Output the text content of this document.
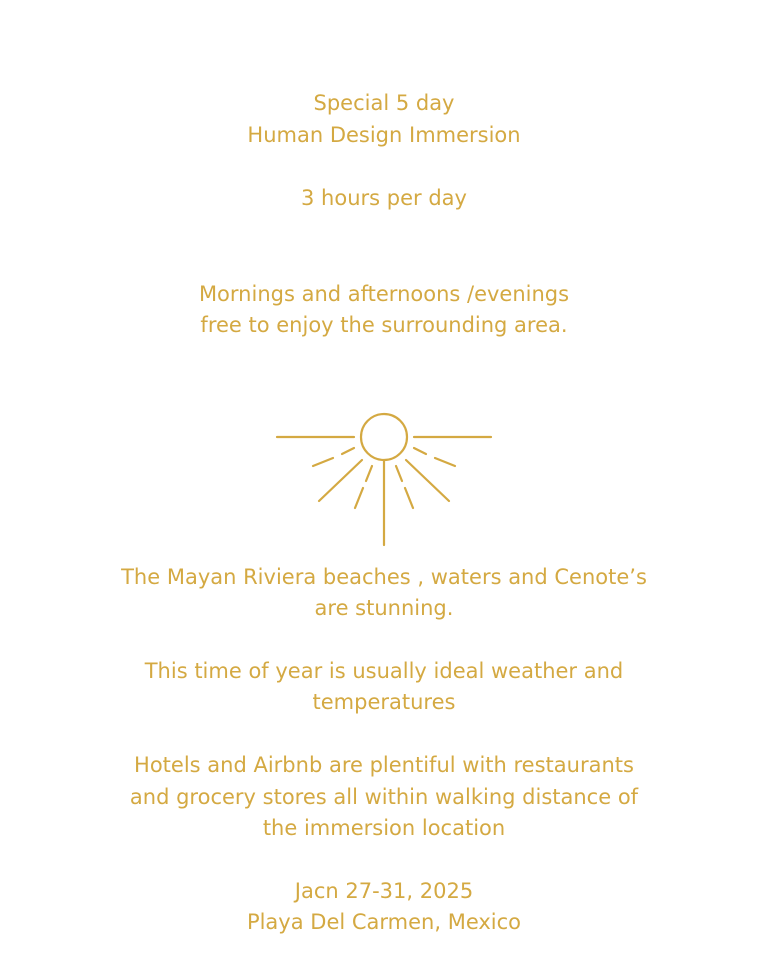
Special 5 day
Human Design Immersion
3 hours per day
Mornings and afternoons /evenings
free to enjoy the surrounding area.
The Mayan Riviera beaches , waters and Cenote’s
are stunning.
This time of year is usually ideal weather and
temperatures
Hotels and Airbnb are plentiful with restaurants
and grocery stores all within walking distance of
the immersion location
Jacn 27-31, 2025
Playa Del Carmen, Mexico
